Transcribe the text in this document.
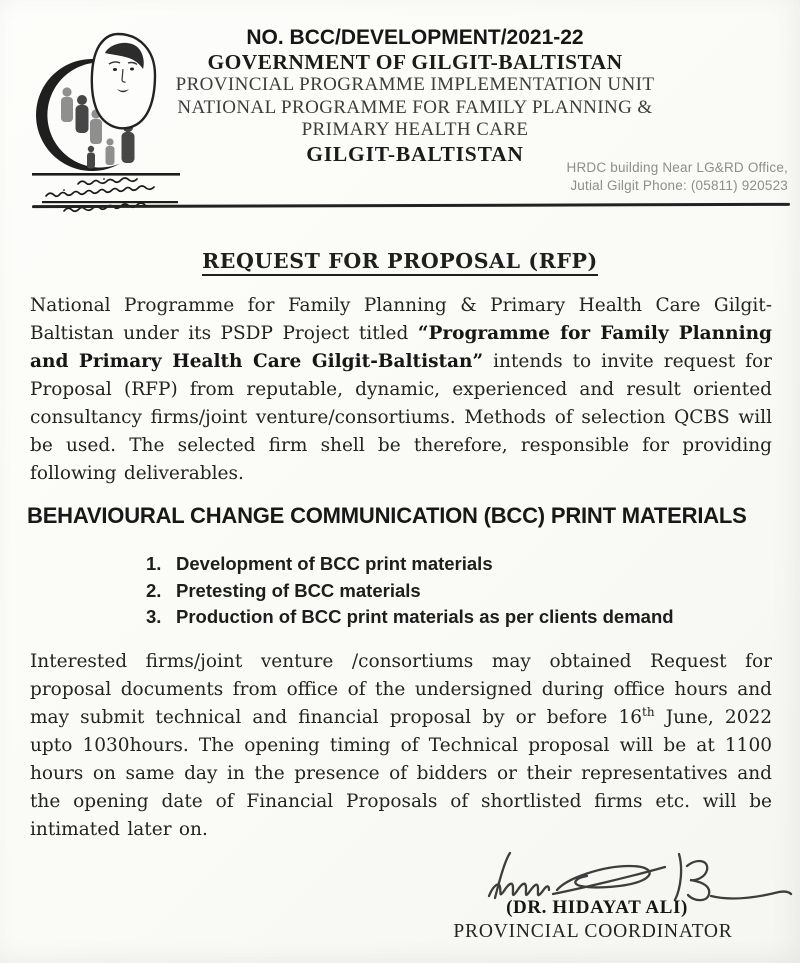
NO. BCC/DEVELOPMENT/2021-22
GOVERNMENT OF GILGIT-BALTISTAN
PROVINCIAL PROGRAMME IMPLEMENTATION UNIT
NATIONAL PROGRAMME FOR FAMILY PLANNING &
PRIMARY HEALTH CARE
GILGIT-BALTISTAN
HRDC building Near LG&RD Office,
Jutial Gilgit Phone: (05811) 920523
REQUEST FOR PROPOSAL (RFP)

National Programme for Family Planning & Primary Health Care Gilgit-Baltistan under its PSDP Project titled “Programme for Family Planning and Primary Health Care Gilgit-Baltistan” intends to invite request for Proposal (RFP) from reputable, dynamic, experienced and result oriented consultancy firms/joint venture/consortiums. Methods of selection QCBS will be used. The selected firm shell be therefore, responsible for providing following deliverables.

BEHAVIOURAL CHANGE COMMUNICATION (BCC) PRINT MATERIALS
1. Development of BCC print materials
2. Pretesting of BCC materials
3. Production of BCC print materials as per clients demand

Interested firms/joint venture /consortiums may obtained Request for proposal documents from office of the undersigned during office hours and may submit technical and financial proposal by or before 16th June, 2022 upto 1030hours. The opening timing of Technical proposal will be at 1100 hours on same day in the presence of bidders or their representatives and the opening date of Financial Proposals of shortlisted firms etc. will be intimated later on.

(DR. HIDAYAT ALI)
PROVINCIAL COORDINATOR
